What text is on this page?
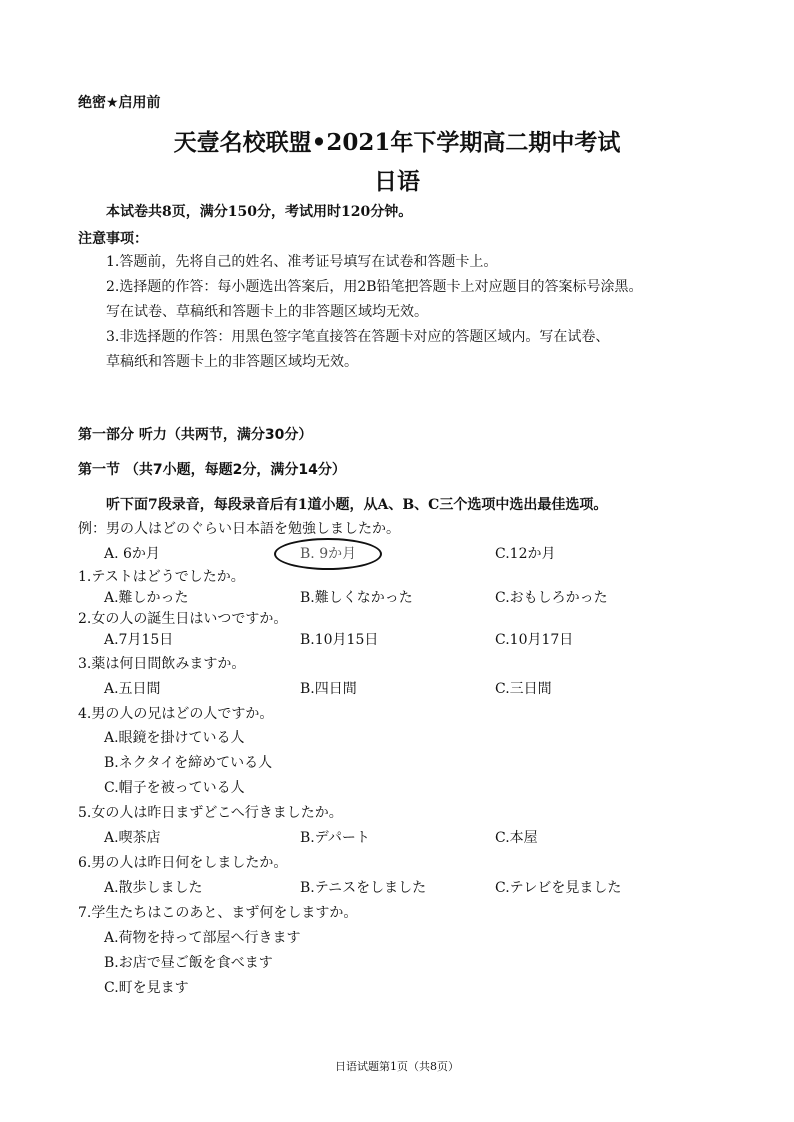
绝密★启用前
天壹名校联盟•2021年下学期高二期中考试
日语
本试卷共8页，满分150分，考试用时120分钟。
注意事项：
1.答题前，先将自己的姓名、准考证号填写在试卷和答题卡上。
2.选择题的作答：每小题选出答案后，用2B铅笔把答题卡上对应题目的答案标号涂黑。
写在试卷、草稿纸和答题卡上的非答题区域均无效。
3.非选择题的作答：用黑色签字笔直接答在答题卡对应的答题区域内。写在试卷、
草稿纸和答题卡上的非答题区域均无效。
第一部分 听力（共两节，满分30分）
第一节 （共7小题，每题2分，满分14分）
听下面7段录音，每段录音后有1道小题，从A、B、C三个选项中选出最佳选项。
例：男の人はどのぐらい日本語を勉強しましたか。
A. 6か月	B. 9か月	C.12か月
1.テストはどうでしたか。
A.難しかった	B.難しくなかった	C.おもしろかった
2.女の人の誕生日はいつですか。
A.7月15日	B.10月15日	C.10月17日
3.薬は何日間飲みますか。
A.五日間	B.四日間	C.三日間
4.男の人の兄はどの人ですか。
A.眼鏡を掛けている人
B.ネクタイを締めている人
C.帽子を被っている人
5.女の人は昨日まずどこへ行きましたか。
A.喫茶店	B.デパート	C.本屋
6.男の人は昨日何をしましたか。
A.散歩しました	B.テニスをしました	C.テレビを見ました
7.学生たちはこのあと、まず何をしますか。
A.荷物を持って部屋へ行きます
B.お店で昼ご飯を食べます
C.町を見ます
日语试题第1页（共8页）
